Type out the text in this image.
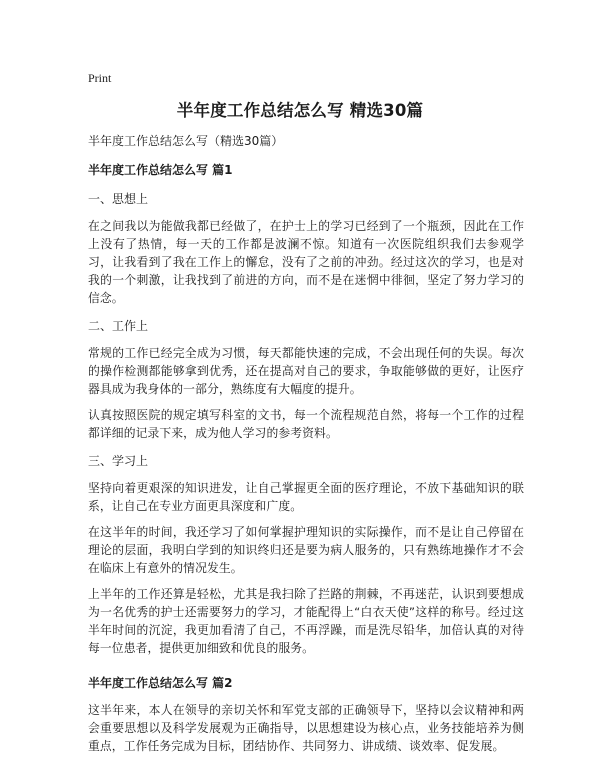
Print
半年度工作总结怎么写 精选30篇

半年度工作总结怎么写（精选30篇）

半年度工作总结怎么写 篇1

一、思想上

在之间我以为能做我都已经做了，在护士上的学习已经到了一个瓶颈，因此在工作上没有了热情，每一天的工作都是波澜不惊。知道有一次医院组织我们去参观学习，让我看到了我在工作上的懈怠，没有了之前的冲劲。经过这次的学习，也是对我的一个刺激，让我找到了前进的方向，而不是在迷惘中徘徊，坚定了努力学习的信念。

二、工作上

常规的工作已经完全成为习惯，每天都能快速的完成，不会出现任何的失误。每次的操作检测都能够拿到优秀，还在提高对自己的要求，争取能够做的更好，让医疗器具成为我身体的一部分，熟练度有大幅度的提升。

认真按照医院的规定填写科室的文书，每一个流程规范自然，将每一个工作的过程都详细的记录下来，成为他人学习的参考资料。

三、学习上

坚持向着更艰深的知识进发，让自己掌握更全面的医疗理论，不放下基础知识的联系，让自己在专业方面更具深度和广度。

在这半年的时间，我还学习了如何掌握护理知识的实际操作，而不是让自己停留在理论的层面，我明白学到的知识终归还是要为病人服务的，只有熟练地操作才不会在临床上有意外的情况发生。

上半年的工作还算是轻松，尤其是我扫除了拦路的荆棘，不再迷茫，认识到要想成为一名优秀的护士还需要努力的学习，才能配得上“白衣天使”这样的称号。经过这半年时间的沉淀，我更加看清了自己，不再浮躁，而是洗尽铅华，加倍认真的对待每一位患者，提供更加细致和优良的服务。

半年度工作总结怎么写 篇2

这半年来，本人在领导的亲切关怀和军党支部的正确领导下，坚持以会议精神和两会重要思想以及科学发展观为正确指导，以思想建设为核心点，业务技能培养为侧重点，工作任务完成为目标，团结协作、共同努力、讲成绩、谈效率、促发展。
